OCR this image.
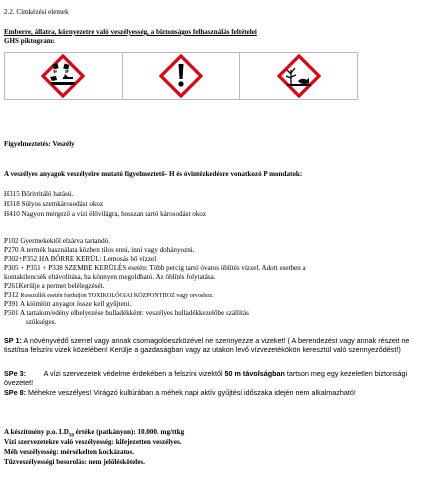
2.2. Címkézési elemek
Emberre, állatra, környezetre való veszélyesség, a biztonságos felhasználás feltételei
GHS piktogram:

Figyelmeztetés: Veszély
A veszélyes anyagok veszélyeire mutató figyelmeztető- H és óvintézkedésre vonatkozó P mondatok:
H315 Bőrirritáló hatású.
H318 Súlyos szemkárosodást okoz
H410 Nagyon mérgező a vízi élővilágra, hosszan tartó károsodást okoz
P102 Gyermekektől elzárva tartandó.
P270 A termék használata közben tilos enni, inni vagy dohányozni.
P302+P352 HA BŐRRE KERÜL: Lemosás bő vízzel
P305 + P351 + P338 SZEMBE KERÜLÉS esetén: Több percig tartó óvatos öblítés vízzel. Adott esetben a
kontaktlencsék eltávolítása, ha könnyen megoldható. Az öblítés folytatása.
P261Kerülje a permet belélegzését.
P312 Rosszullét esetén forduljon TOXIKOLÓGIAI KÖZPONTHOZ vagy orvoshoz.
P391 A kiömlött anyagot össze kell gyűjteni.
P501 A tartalom/edény elhelyezése hulladékként: veszélyes hulladékkezelőbe szállítás
szükséges.
SP 1: A növényvédő szerrel vagy annak csomagolóeszközével ne szennyezze a vizeket! ( A berendezést vagy annak részeit ne tisztítsa felszíni vizek közelében! Kerülje a gazdaságban vagy az utakon levő vízvezetékökön keresztül való szennyeződést!)
SPe 3: A vízi szervezetek védelme érdekében a felszíni vizektől 50 m távolságban tartson meg egy kezeletlen biztonsági övezetet!
SPe 8: Méhekre veszélyes! Virágzó kultúrában a méhek napi aktív gyűjtési időszaka idején nem alkalmazható!
A készítmény p.o. $LD_{50}$ értéke (patkányon): 10.000. mg/ttkg
Vízi szervezetekre való veszélyesség: kifejezetten veszélyes.
Méh veszélyesség: mérsékelten kockázatos.
Tűzveszélyességi besorolás: nem jelölésköteles.
